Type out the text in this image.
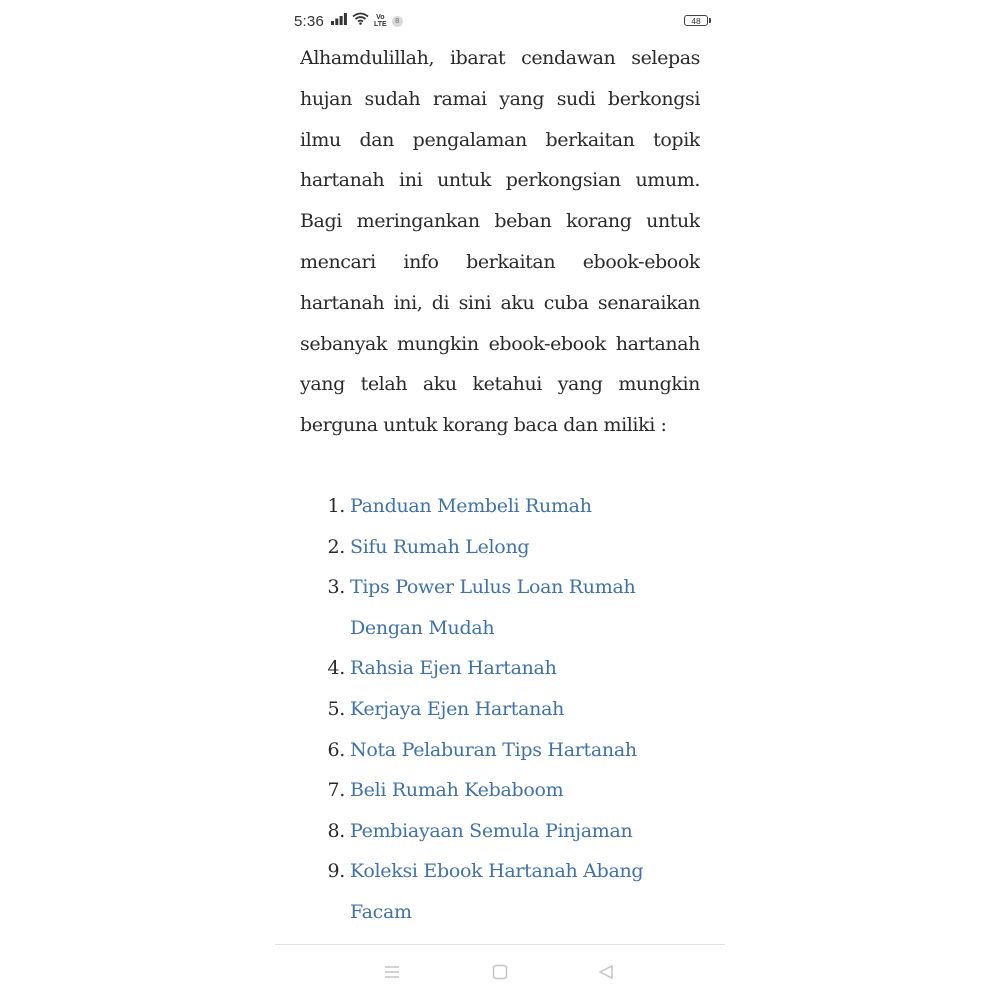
5:36	Vo
LTE	8	48

Alhamdulillah, ibarat cendawan selepas hujan sudah ramai yang sudi berkongsi ilmu dan pengalaman berkaitan topik hartanah ini untuk perkongsian umum. Bagi meringankan beban korang untuk mencari info berkaitan ebook-ebook hartanah ini, di sini aku cuba senaraikan sebanyak mungkin ebook-ebook hartanah yang telah aku ketahui yang mungkin berguna untuk korang baca dan miliki :

1. Panduan Membeli Rumah
2. Sifu Rumah Lelong
3. Tips Power Lulus Loan Rumah Dengan Mudah
4. Rahsia Ejen Hartanah
5. Kerjaya Ejen Hartanah
6. Nota Pelaburan Tips Hartanah
7. Beli Rumah Kebaboom
8. Pembiayaan Semula Pinjaman
9. Koleksi Ebook Hartanah Abang Facam
